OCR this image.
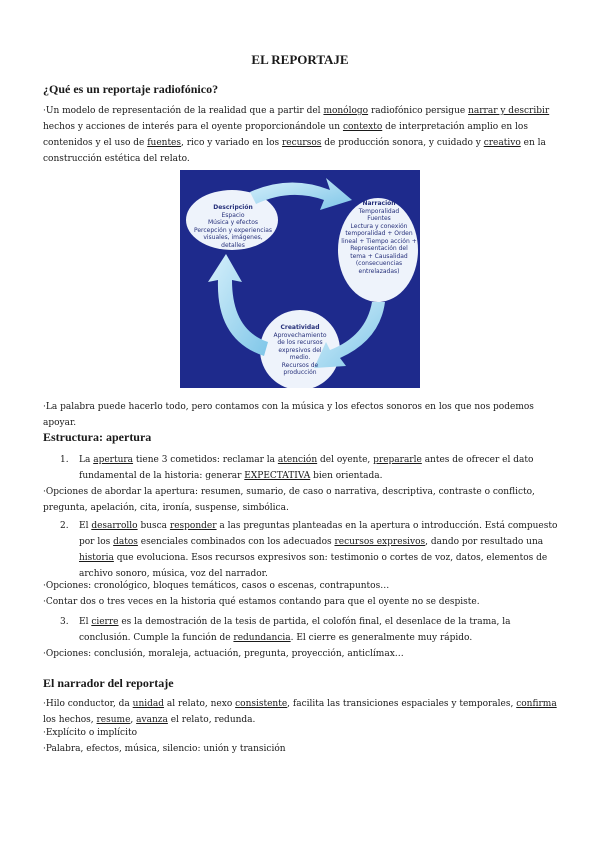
EL REPORTAJE
¿Qué es un reportaje radiofónico?
·Un modelo de representación de la realidad que a partir del monólogo radiofónico persigue narrar y describir hechos y acciones de interés para el oyente proporcionándole un contexto de interpretación amplio en los contenidos y el uso de fuentes, rico y variado en los recursos de producción sonora, y cuidado y creativo en la construcción estética del relato.
Descripción
Espacio
Música y efectos
Percepción y experiencias
visuales, imágenes,
detalles
Narración
Temporalidad
Fuentes
Lectura y conexión
temporalidad + Orden
lineal + Tiempo acción +
Representación del
tema + Causalidad
(consecuencias
entrelazadas)
Creatividad
Aprovechamiento
de los recursos
expresivos del
medio.
Recursos de
producción
·La palabra puede hacerlo todo, pero contamos con la música y los efectos sonoros en los que nos podemos apoyar.
Estructura: apertura
1. La apertura tiene 3 cometidos: reclamar la atención del oyente, prepararle antes de ofrecer el dato fundamental de la historia: generar EXPECTATIVA bien orientada.
·Opciones de abordar la apertura: resumen, sumario, de caso o narrativa, descriptiva, contraste o conflicto, pregunta, apelación, cita, ironía, suspense, simbólica.
2. El desarrollo busca responder a las preguntas planteadas en la apertura o introducción. Está compuesto por los datos esenciales combinados con los adecuados recursos expresivos, dando por resultado una historia que evoluciona. Esos recursos expresivos son: testimonio o cortes de voz, datos, elementos de archivo sonoro, música, voz del narrador.
·Opciones: cronológico, bloques temáticos, casos o escenas, contrapuntos…
·Contar dos o tres veces en la historia qué estamos contando para que el oyente no se despiste.
3. El cierre es la demostración de la tesis de partida, el colofón final, el desenlace de la trama, la conclusión. Cumple la función de redundancia. El cierre es generalmente muy rápido.
·Opciones: conclusión, moraleja, actuación, pregunta, proyección, anticlímax…
El narrador del reportaje
·Hilo conductor, da unidad al relato, nexo consistente, facilita las transiciones espaciales y temporales, confirma los hechos, resume, avanza el relato, redunda.
·Explícito o implícito
·Palabra, efectos, música, silencio: unión y transición
